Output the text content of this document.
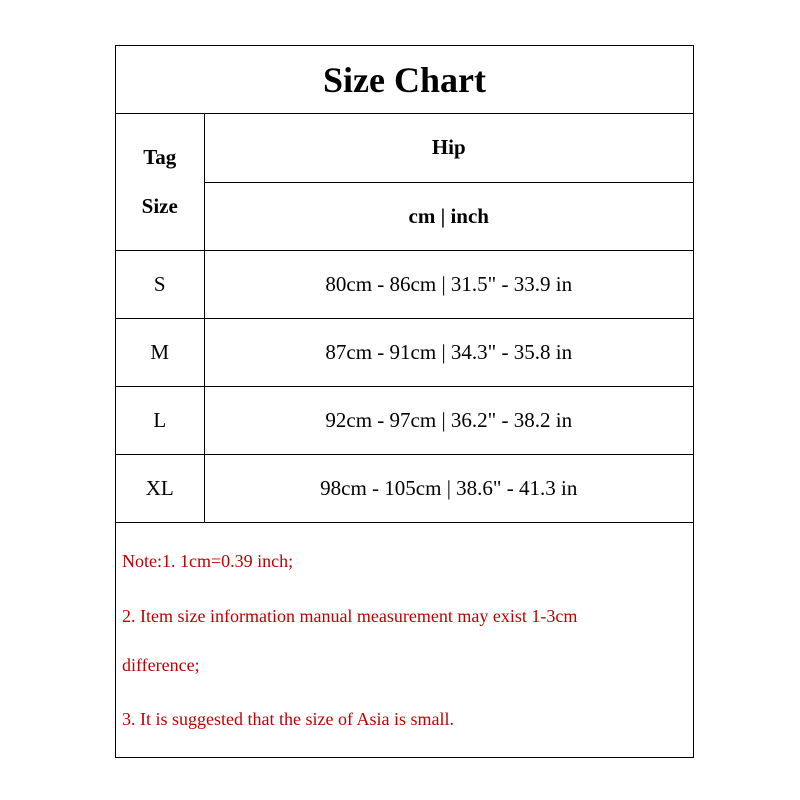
Size Chart
Tag
Size	Hip
	cm | inch
S	80cm - 86cm | 31.5" - 33.9 in
M	87cm - 91cm | 34.3" - 35.8 in
L	92cm - 97cm | 36.2" - 38.2 in
XL	98cm - 105cm | 38.6" - 41.3 in
Note:1. 1cm=0.39 inch;
2. Item size information manual measurement may exist 1-3cm
difference;
3. It is suggested that the size of Asia is small.
